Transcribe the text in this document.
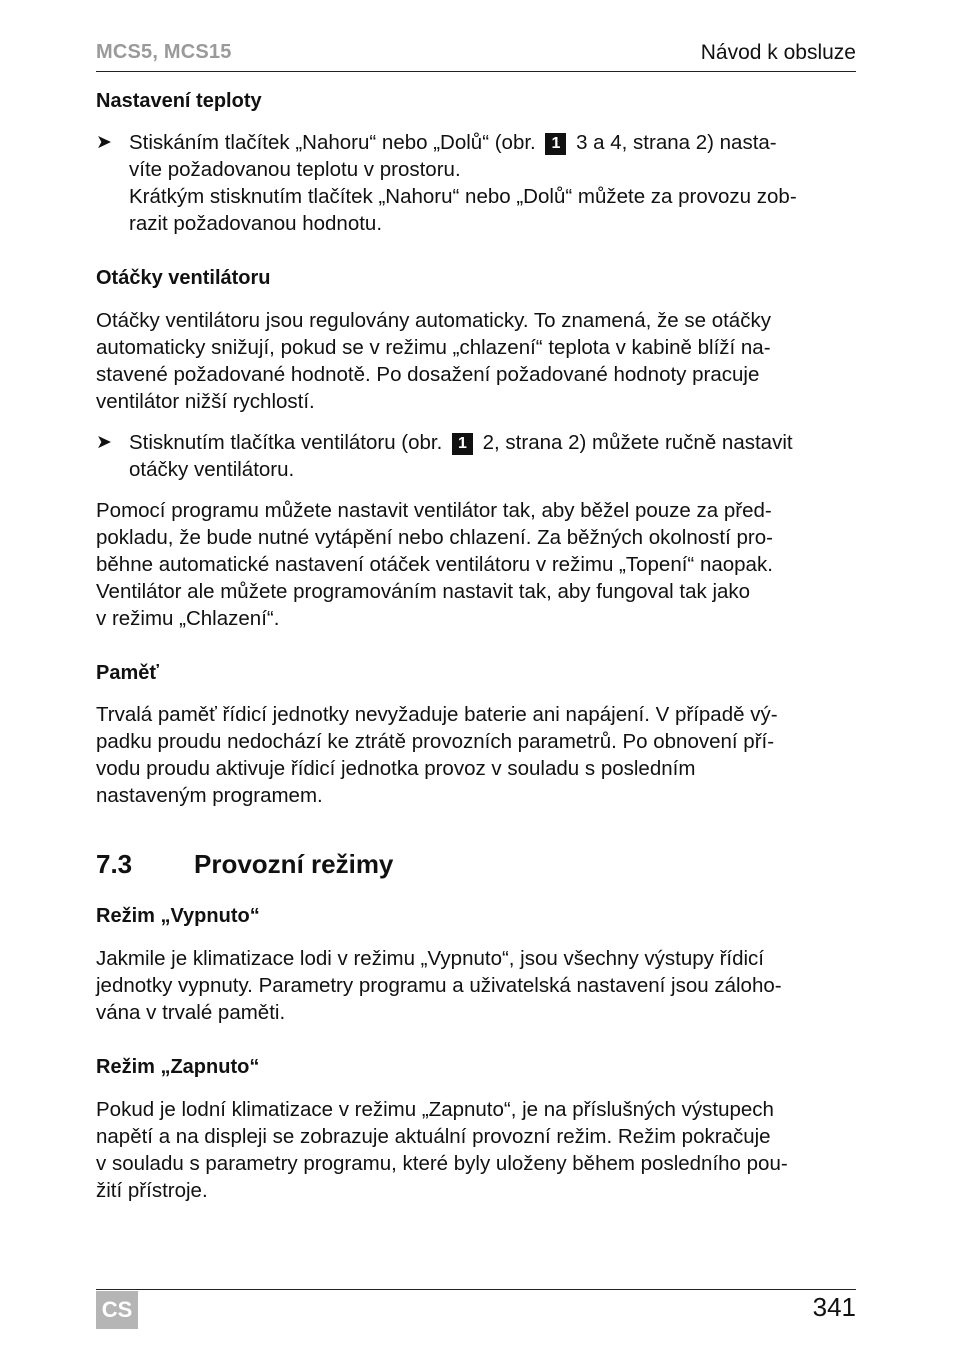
MCS5, MCS15	Návod k obsluze

Nastavení teploty

➤ Stiskáním tlačítek „Nahoru“ nebo „Dolů“ (obr. 1 3 a 4, strana 2) nasta-
víte požadovanou teplotu v prostoru.
Krátkým stisknutím tlačítek „Nahoru“ nebo „Dolů“ můžete za provozu zob-
razit požadovanou hodnotu.

Otáčky ventilátoru

Otáčky ventilátoru jsou regulovány automaticky. To znamená, že se otáčky
automaticky snižují, pokud se v režimu „chlazení“ teplota v kabině blíží na-
stavené požadované hodnotě. Po dosažení požadované hodnoty pracuje
ventilátor nižší rychlostí.
➤ Stisknutím tlačítka ventilátoru (obr. 1 2, strana 2) můžete ručně nastavit
otáčky ventilátoru.
Pomocí programu můžete nastavit ventilátor tak, aby běžel pouze za před-
pokladu, že bude nutné vytápění nebo chlazení. Za běžných okolností pro-
běhne automatické nastavení otáček ventilátoru v režimu „Topení“ naopak.
Ventilátor ale můžete programováním nastavit tak, aby fungoval tak jako
v režimu „Chlazení“.

Paměť

Trvalá paměť řídicí jednotky nevyžaduje baterie ani napájení. V případě vý-
padku proudu nedochází ke ztrátě provozních parametrů. Po obnovení pří-
vodu proudu aktivuje řídicí jednotka provoz v souladu s posledním
nastaveným programem.
7.3	Provozní režimy

Režim „Vypnuto“

Jakmile je klimatizace lodi v režimu „Vypnuto“, jsou všechny výstupy řídicí
jednotky vypnuty. Parametry programu a uživatelská nastavení jsou záloho-
vána v trvalé paměti.

Režim „Zapnuto“

Pokud je lodní klimatizace v režimu „Zapnuto“, je na příslušných výstupech
napětí a na displeji se zobrazuje aktuální provozní režim. Režim pokračuje
v souladu s parametry programu, které byly uloženy během posledního pou-
žití přístroje.
CS	341
